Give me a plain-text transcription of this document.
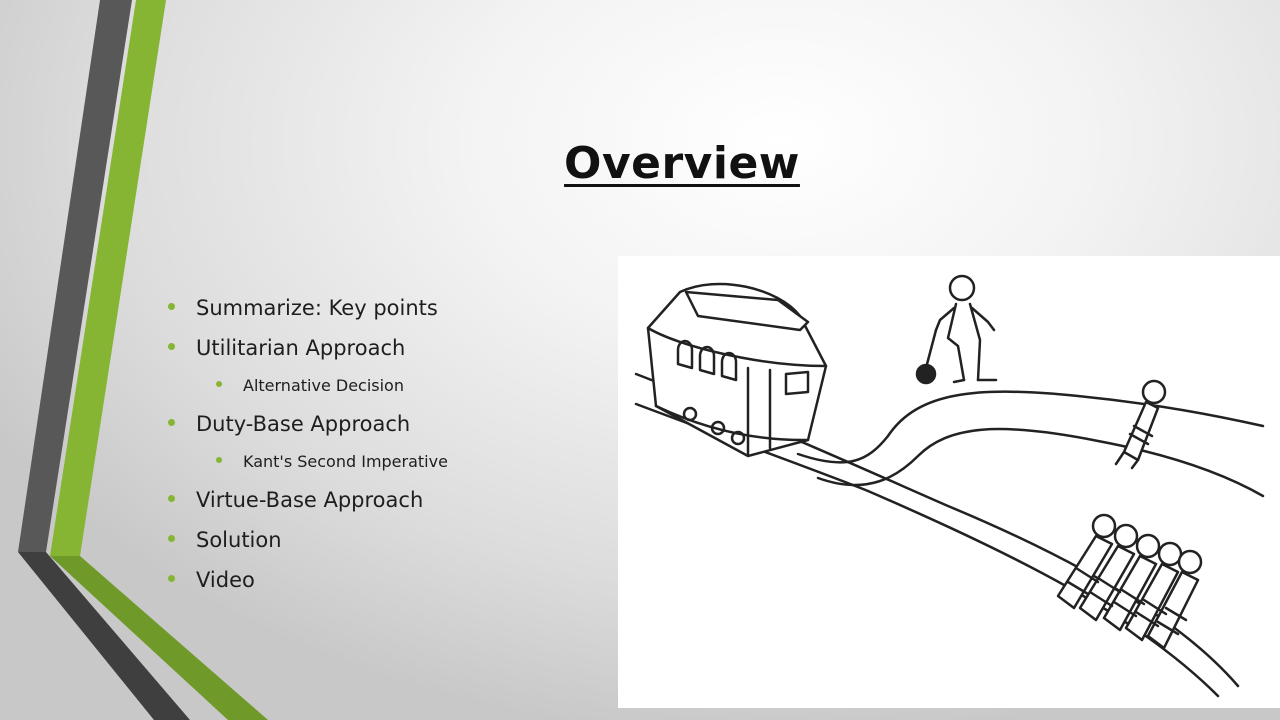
Overview
Summarize: Key points
Utilitarian Approach
Alternative Decision
Duty-Base Approach
Kant's Second Imperative
Virtue-Base Approach
Solution
Video
